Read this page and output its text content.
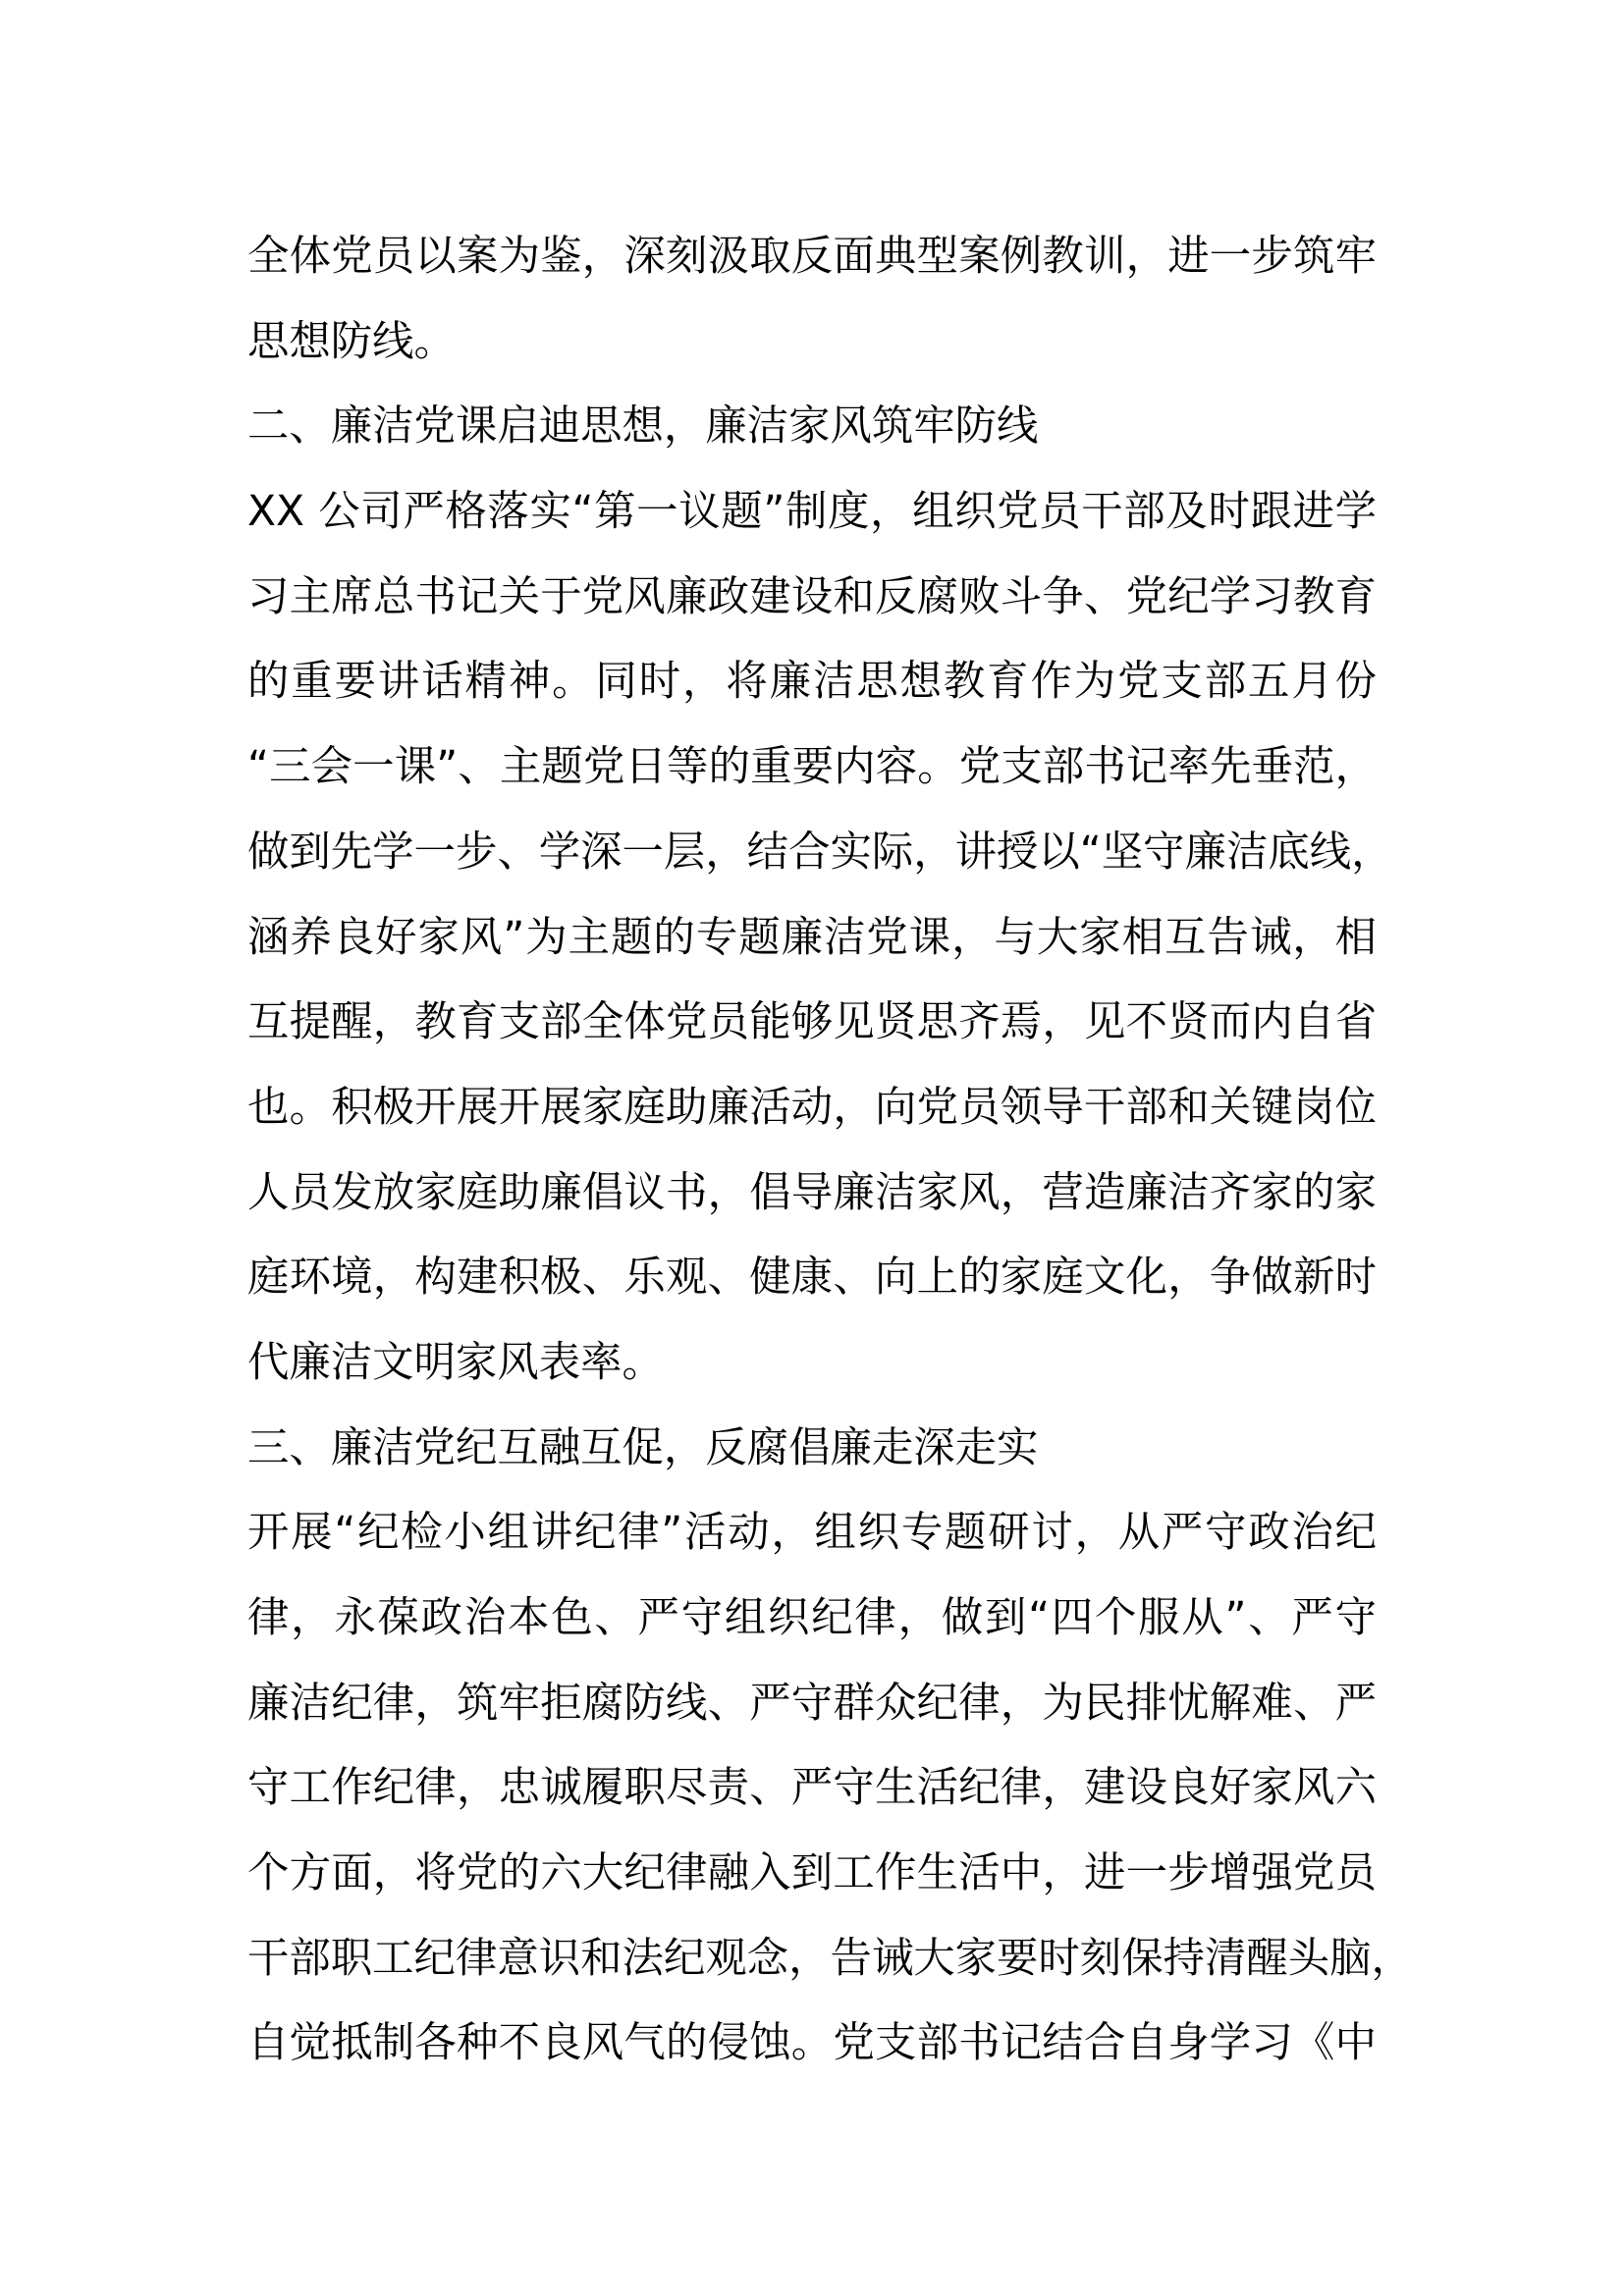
全体党员以案为鉴，深刻汲取反面典型案例教训，进一步筑牢
思想防线。
二、廉洁党课启迪思想，廉洁家风筑牢防线
XX 公司严格落实“第一议题”制度，组织党员干部及时跟进学
习主席总书记关于党风廉政建设和反腐败斗争、党纪学习教育
的重要讲话精神。同时，将廉洁思想教育作为党支部五月份
“三会一课”、主题党日等的重要内容。党支部书记率先垂范，
做到先学一步、学深一层，结合实际，讲授以“坚守廉洁底线，
涵养良好家风”为主题的专题廉洁党课，与大家相互告诫，相
互提醒，教育支部全体党员能够见贤思齐焉，见不贤而内自省
也。积极开展开展家庭助廉活动，向党员领导干部和关键岗位
人员发放家庭助廉倡议书，倡导廉洁家风，营造廉洁齐家的家
庭环境，构建积极、乐观、健康、向上的家庭文化，争做新时
代廉洁文明家风表率。
三、廉洁党纪互融互促，反腐倡廉走深走实
开展“纪检小组讲纪律”活动，组织专题研讨，从严守政治纪
律，永葆政治本色、严守组织纪律，做到“四个服从”、严守
廉洁纪律，筑牢拒腐防线、严守群众纪律，为民排忧解难、严
守工作纪律，忠诚履职尽责、严守生活纪律，建设良好家风六
个方面，将党的六大纪律融入到工作生活中，进一步增强党员
干部职工纪律意识和法纪观念，告诫大家要时刻保持清醒头脑，
自觉抵制各种不良风气的侵蚀。党支部书记结合自身学习《中
